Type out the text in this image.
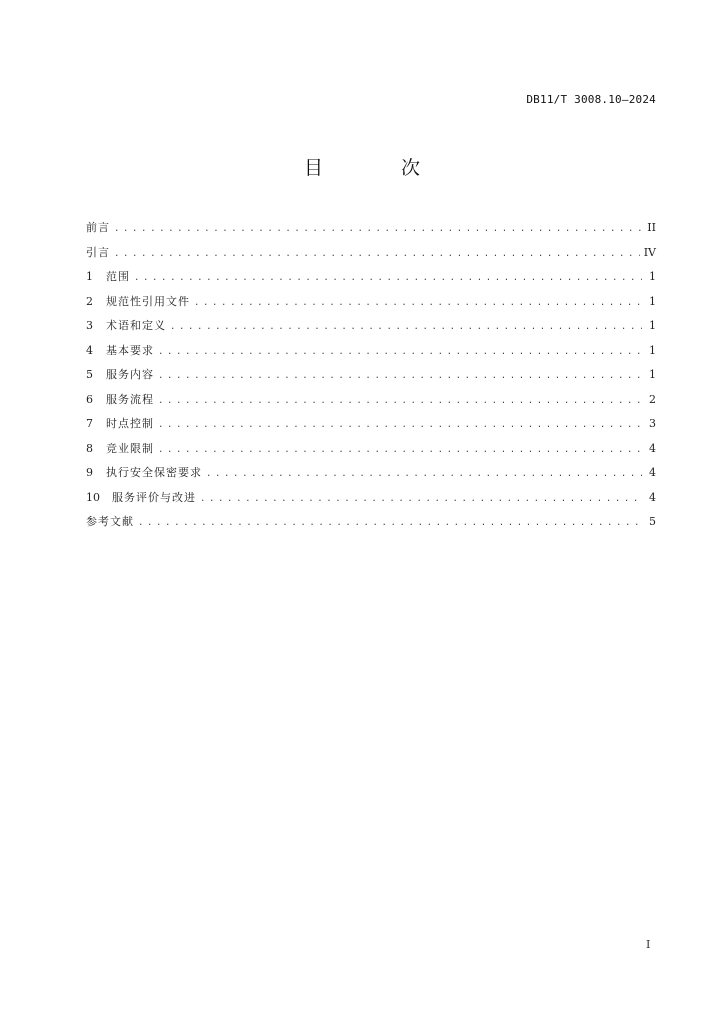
DB11/T 3008.10—2024
目 次
前言 .....	II
引言 .....	IV
1	范围 .....	1
2	规范性引用文件 .....	1
3	术语和定义 .....	1
4	基本要求 .....	1
5	服务内容 .....	1
6	服务流程 .....	2
7	时点控制 .....	3
8	竞业限制 .....	4
9	执行安全保密要求 .....	4
10	服务评价与改进 .....	4
参考文献 .....	5
I
